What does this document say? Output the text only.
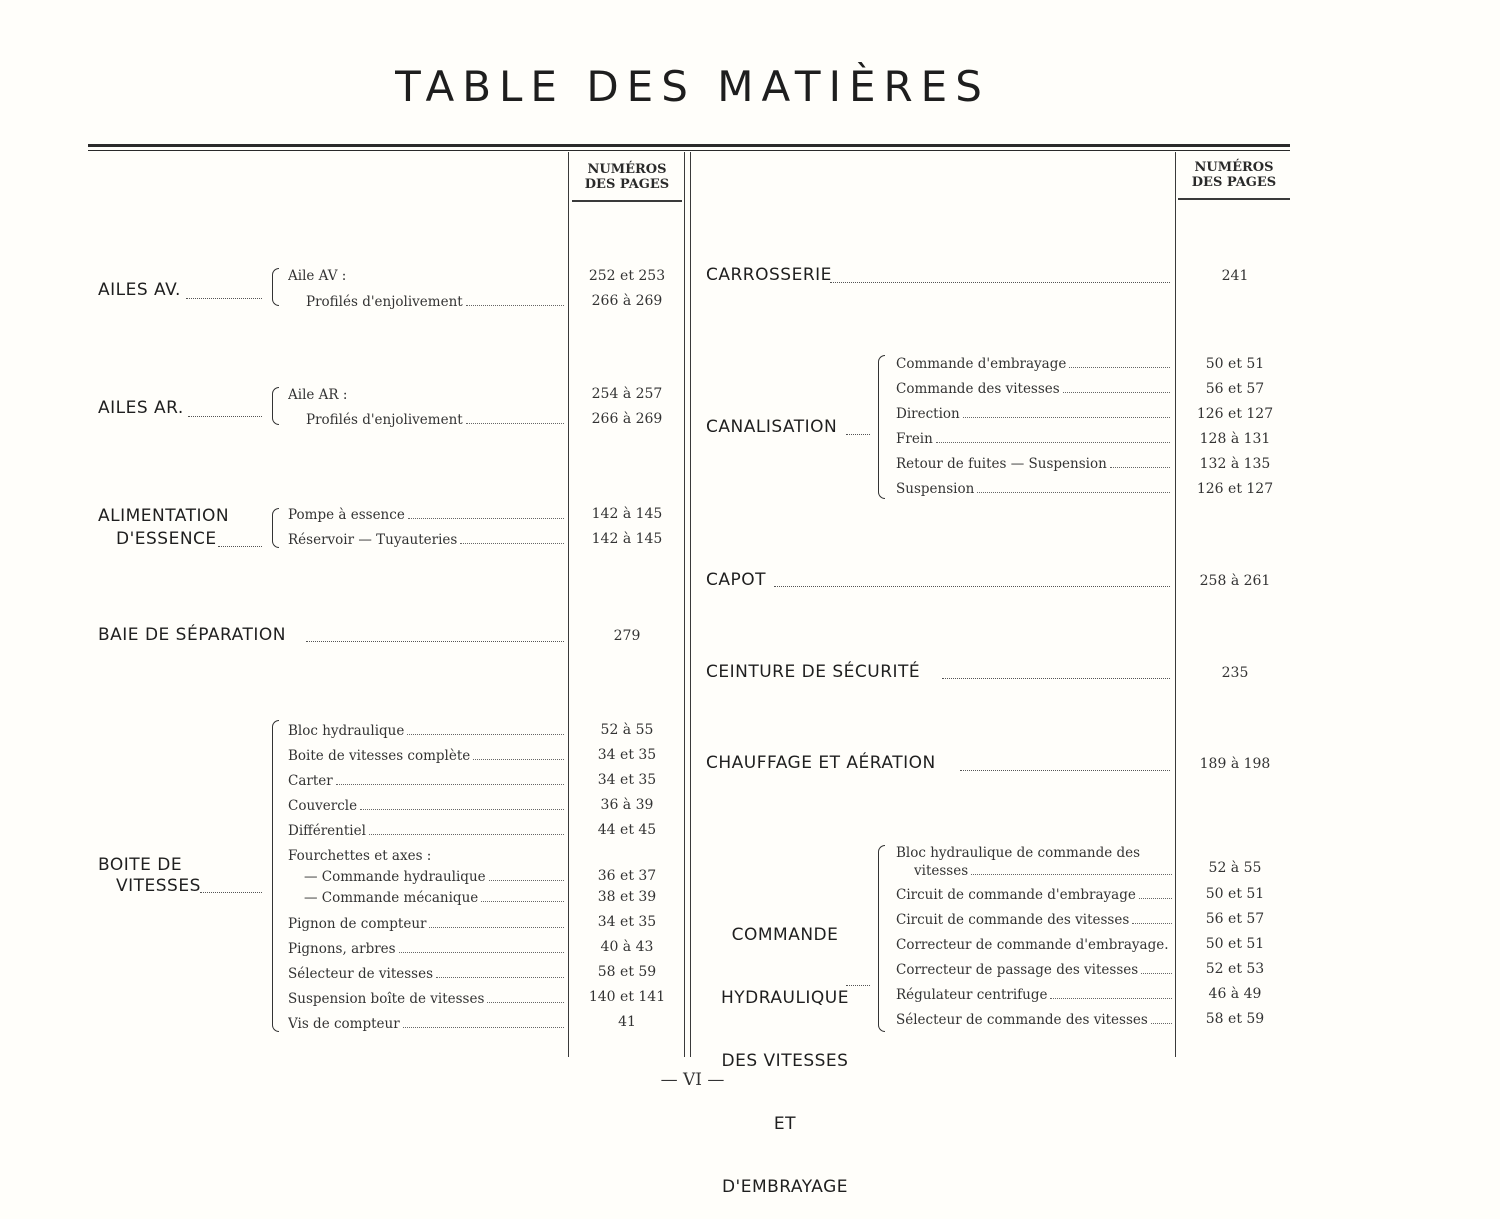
TABLE DES MATIÈRES
NUMÉROS
DES PAGES
NUMÉROS
DES PAGES
AILES AV.
Aile AV :	252 et 253
Profilés d'enjolivement	266 à 269
AILES AR.
Aile AR :	254 à 257
Profilés d'enjolivement	266 à 269
ALIMENTATION
D'ESSENCE
Pompe à essence	142 à 145
Réservoir — Tuyauteries	142 à 145
BAIE DE SÉPARATION	279
BOITE DE
VITESSES
Bloc hydraulique	52 à 55
Boite de vitesses complète	34 et 35
Carter	34 et 35
Couvercle	36 à 39
Différentiel	44 et 45
Fourchettes et axes :
— Commande hydraulique	36 et 37
— Commande mécanique	38 et 39
Pignon de compteur	34 et 35
Pignons, arbres	40 à 43
Sélecteur de vitesses	58 et 59
Suspension boîte de vitesses	140 et 141
Vis de compteur	41
CARROSSERIE	241
CANALISATION
Commande d'embrayage	50 et 51
Commande des vitesses	56 et 57
Direction	126 et 127
Frein	128 à 131
Retour de fuites — Suspension	132 à 135
Suspension	126 et 127
CAPOT	258 à 261
CEINTURE DE SÉCURITÉ	235
CHAUFFAGE ET AÉRATION	189 à 198

COMMANDE

HYDRAULIQUE

DES VITESSES

ET

D'EMBRAYAGE

Bloc hydraulique de commande des
vitesses	52 à 55
Circuit de commande d'embrayage	50 et 51
Circuit de commande des vitesses	56 et 57
Correcteur de commande d'embrayage.	50 et 51
Correcteur de passage des vitesses	52 et 53
Régulateur centrifuge	46 à 49
Sélecteur de commande des vitesses	58 et 59
— VI —
